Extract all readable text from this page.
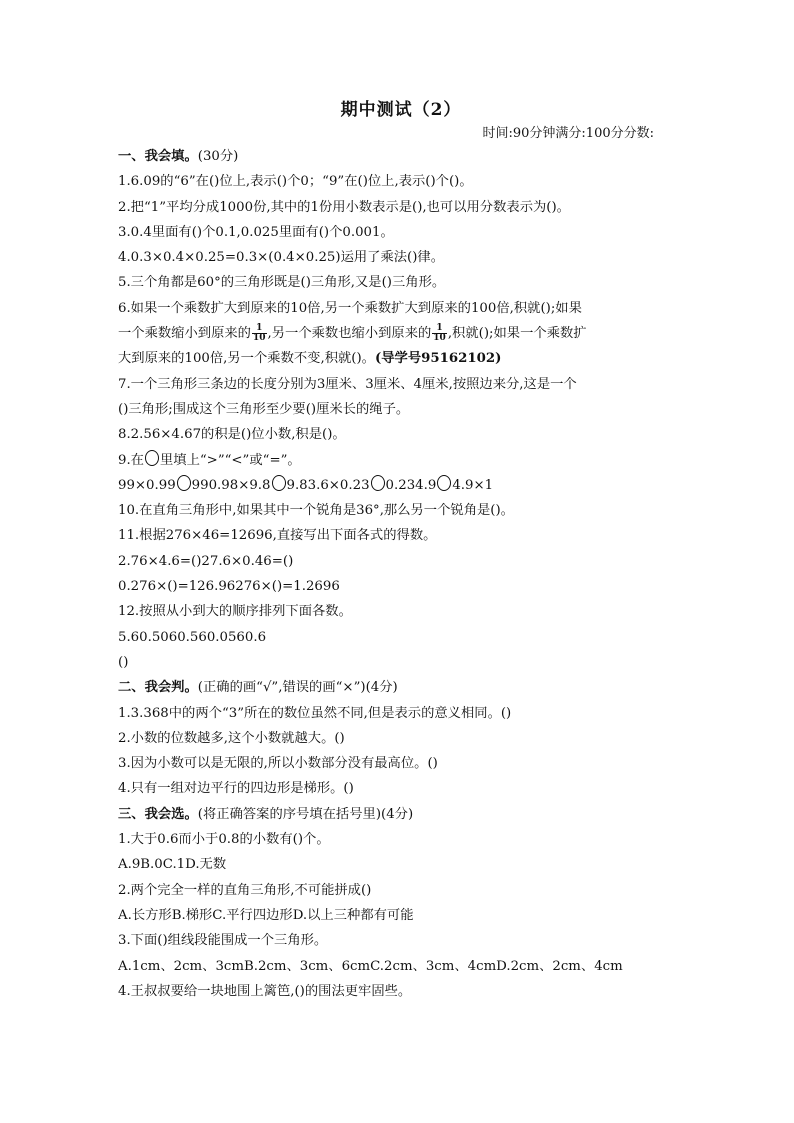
期中测试（2）
时间:90分钟满分:100分分数:
一、我会填。(30分)
1.6.09的“6”在()位上,表示()个0；“9”在()位上,表示()个()。
2.把“1”平均分成1000份,其中的1份用小数表示是(),也可以用分数表示为()。
3.0.4里面有()个0.1,0.025里面有()个0.001。
4.0.3×0.4×0.25=0.3×(0.4×0.25)运用了乘法()律。
5.三个角都是60°的三角形既是()三角形,又是()三角形。
6.如果一个乘数扩大到原来的10倍,另一个乘数扩大到原来的100倍,积就();如果
一个乘数缩小到原来的 $\frac{1}{10}$ ,另一个乘数也缩小到原来的 $\frac{1}{10}$ ,积就();如果一个乘数扩
大到原来的100倍,另一个乘数不变,积就()。(导学号95162102)
7.一个三角形三条边的长度分别为3厘米、3厘米、4厘米,按照边来分,这是一个
()三角形;围成这个三角形至少要()厘米长的绳子。
8.2.56×4.67的积是()位小数,积是()。
9.在 里填上“>”“<”或“=”。
99×0.99 990.98×9.8 9.83.6×0.23 0.234.9 4.9×1
10.在直角三角形中,如果其中一个锐角是36°,那么另一个锐角是()。
11.根据276×46=12696,直接写出下面各式的得数。
2.76×4.6=()27.6×0.46=()
0.276×()=126.96276×()=1.2696
12.按照从小到大的顺序排列下面各数。
5.60.5060.560.0560.6
()
二、我会判。(正确的画“√”,错误的画“×”)(4分)
1.3.368中的两个“3”所在的数位虽然不同,但是表示的意义相同。()
2.小数的位数越多,这个小数就越大。()
3.因为小数可以是无限的,所以小数部分没有最高位。()
4.只有一组对边平行的四边形是梯形。()
三、我会选。(将正确答案的序号填在括号里)(4分)
1.大于0.6而小于0.8的小数有()个。
A.9B.0C.1D.无数
2.两个完全一样的直角三角形,不可能拼成()
A.长方形B.梯形C.平行四边形D.以上三种都有可能
3.下面()组线段能围成一个三角形。
A.1cm、2cm、3cmB.2cm、3cm、6cmC.2cm、3cm、4cmD.2cm、2cm、4cm
4.王叔叔要给一块地围上篱笆,()的围法更牢固些。
